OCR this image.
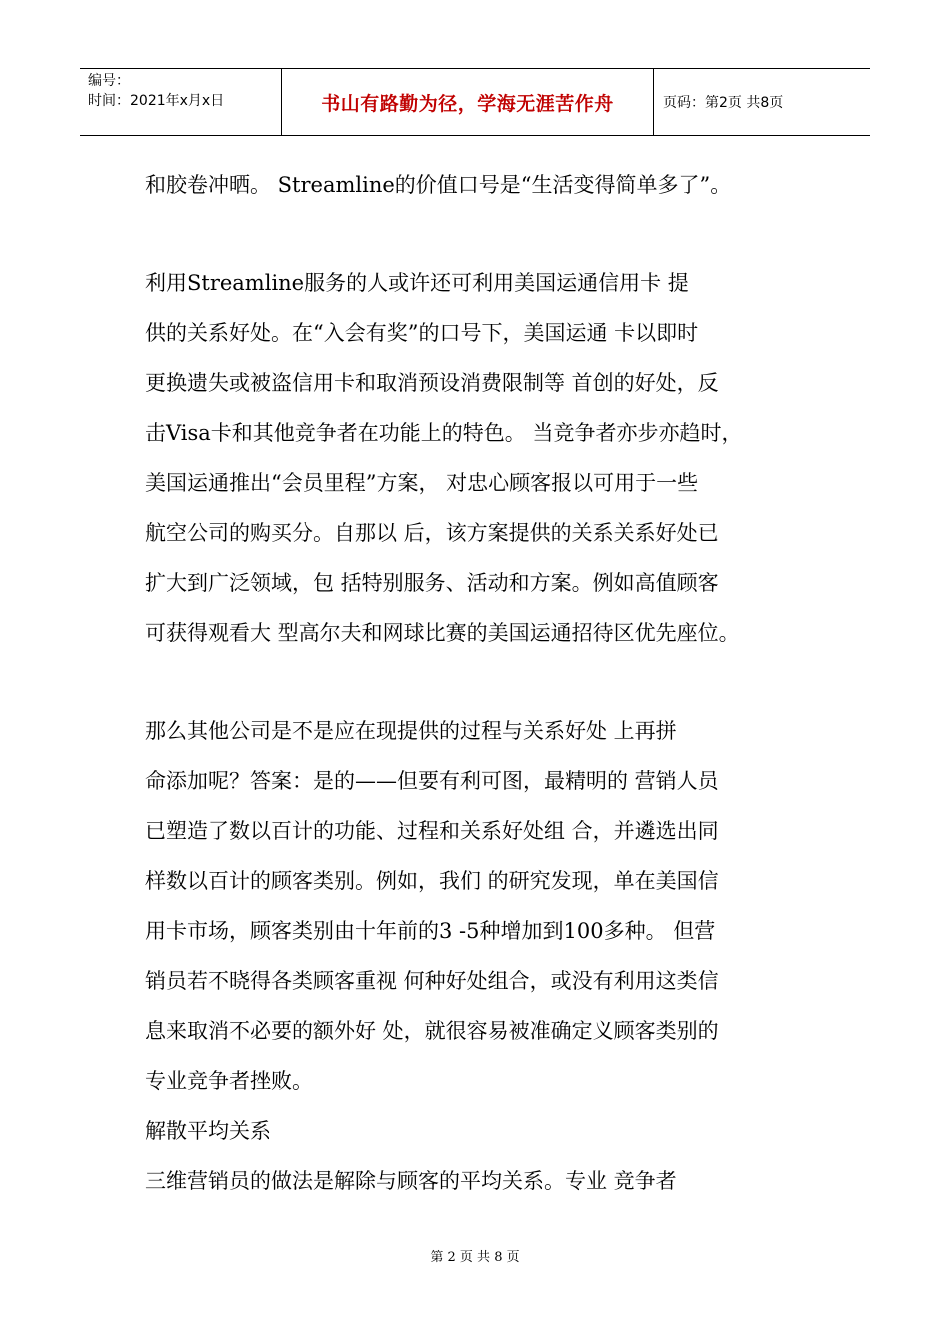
编号：
时间：2021年x月x日	书山有路勤为径，学海无涯苦作舟	页码：第2页 共8页
和胶卷冲晒。 Streamline的价值口号是“生活变得简单多了”。
利用Streamline服务的人或许还可利用美国运通信用卡 提
供的关系好处。在“入会有奖”的口号下，美国运通 卡以即时
更换遗失或被盗信用卡和取消预设消费限制等 首创的好处，反
击Visa卡和其他竞争者在功能上的特色。 当竞争者亦步亦趋时，
美国运通推出“会员里程”方案， 对忠心顾客报以可用于一些
航空公司的购买分。自那以 后，该方案提供的关系关系好处已
扩大到广泛领域，包 括特别服务、活动和方案。例如高值顾客
可获得观看大 型高尔夫和网球比赛的美国运通招待区优先座位。
那么其他公司是不是应在现提供的过程与关系好处 上再拼
命添加呢？答案：是的——但要有利可图，最精明的 营销人员
已塑造了数以百计的功能、过程和关系好处组 合，并遴选出同
样数以百计的顾客类别。例如，我们 的研究发现，单在美国信
用卡市场，顾客类别由十年前的3 -5种增加到100多种。 但营
销员若不晓得各类顾客重视 何种好处组合，或没有利用这类信
息来取消不必要的额外好 处，就很容易被准确定义顾客类别的
专业竞争者挫败。
解散平均关系
三维营销员的做法是解除与顾客的平均关系。专业 竞争者
第 2 页 共 8 页
